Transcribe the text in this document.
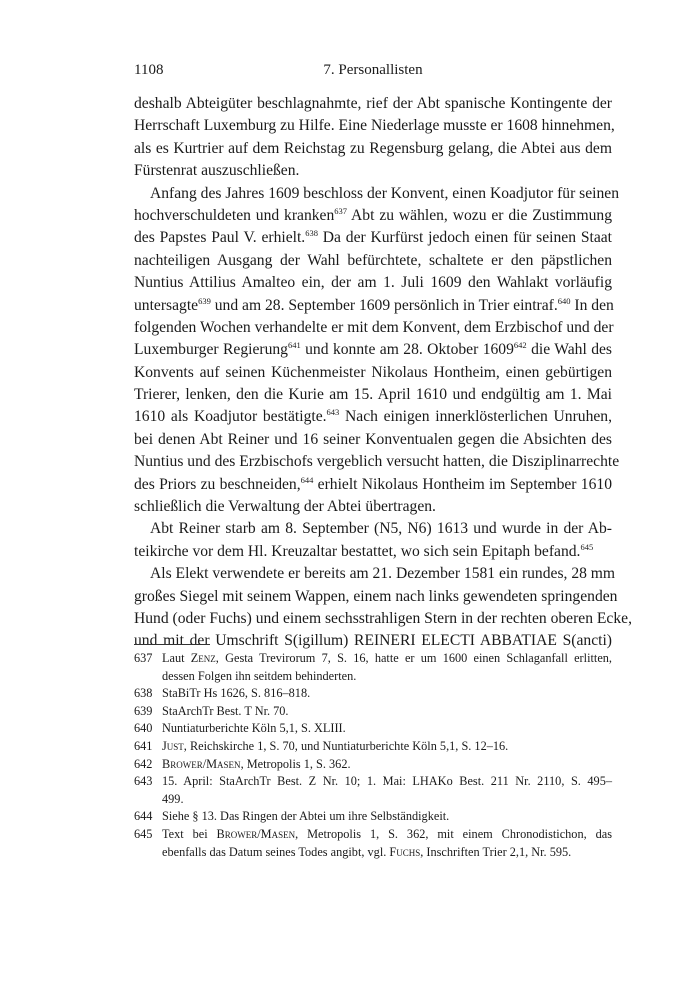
1108	7. Personallisten
deshalb Abteigüter beschlagnahmte, rief der Abt spanische Kontingente der
Herrschaft Luxemburg zu Hilfe. Eine Niederlage musste er 1608 hinnehmen,
als es Kurtrier auf dem Reichstag zu Regensburg gelang, die Abtei aus dem
Fürstenrat auszuschließen.
Anfang des Jahres 1609 beschloss der Konvent, einen Koadjutor für seinen
hochverschuldeten und kranken$^{637}$ Abt zu wählen, wozu er die Zustimmung
des Papstes Paul V. erhielt.$^{638}$ Da der Kurfürst jedoch einen für seinen Staat
nachteiligen Ausgang der Wahl befürchtete, schaltete er den päpstlichen
Nuntius Attilius Amalteo ein, der am 1. Juli 1609 den Wahlakt vorläufig
untersagte$^{639}$ und am 28. September 1609 persönlich in Trier eintraf.$^{640}$ In den
folgenden Wochen verhandelte er mit dem Konvent, dem Erzbischof und der
Luxemburger Regierung$^{641}$ und konnte am 28. Oktober 1609$^{642}$ die Wahl des
Konvents auf seinen Küchenmeister Nikolaus Hontheim, einen gebürtigen
Trierer, lenken, den die Kurie am 15. April 1610 und endgültig am 1. Mai
1610 als Koadjutor bestätigte.$^{643}$ Nach einigen innerklösterlichen Unruhen,
bei denen Abt Reiner und 16 seiner Konventualen gegen die Absichten des
Nuntius und des Erzbischofs vergeblich versucht hatten, die Disziplinarrechte
des Priors zu beschneiden,$^{644}$ erhielt Nikolaus Hontheim im September 1610
schließlich die Verwaltung der Abtei übertragen.
Abt Reiner starb am 8. September (N5, N6) 1613 und wurde in der Ab-
teikirche vor dem Hl. Kreuzaltar bestattet, wo sich sein Epitaph befand.$^{645}$
Als Elekt verwendete er bereits am 21. Dezember 1581 ein rundes, 28 mm
großes Siegel mit seinem Wappen, einem nach links gewendeten springenden
Hund (oder Fuchs) und einem sechsstrahligen Stern in der rechten oberen Ecke,
und mit der Umschrift S(igillum) REINERI ELECTI ABBATIAE S(ancti)
637 Laut Zenz, Gesta Trevirorum 7, S. 16, hatte er um 1600 einen Schlaganfall erlitten,
dessen Folgen ihn seitdem behinderten.
638 StaBiTr Hs 1626, S. 816–818.
639 StaArchTr Best. T Nr. 70.
640 Nuntiaturberichte Köln 5,1, S. XLIII.
641 Just, Reichskirche 1, S. 70, und Nuntiaturberichte Köln 5,1, S. 12–16.
642 Brower/Masen, Metropolis 1, S. 362.
643 15. April: StaArchTr Best. Z Nr. 10; 1. Mai: LHAKo Best. 211 Nr. 2110, S. 495–
499.
644 Siehe § 13. Das Ringen der Abtei um ihre Selbständigkeit.
645 Text bei Brower/Masen, Metropolis 1, S. 362, mit einem Chronodistichon, das
ebenfalls das Datum seines Todes angibt, vgl. Fuchs, Inschriften Trier 2,1, Nr. 595.
